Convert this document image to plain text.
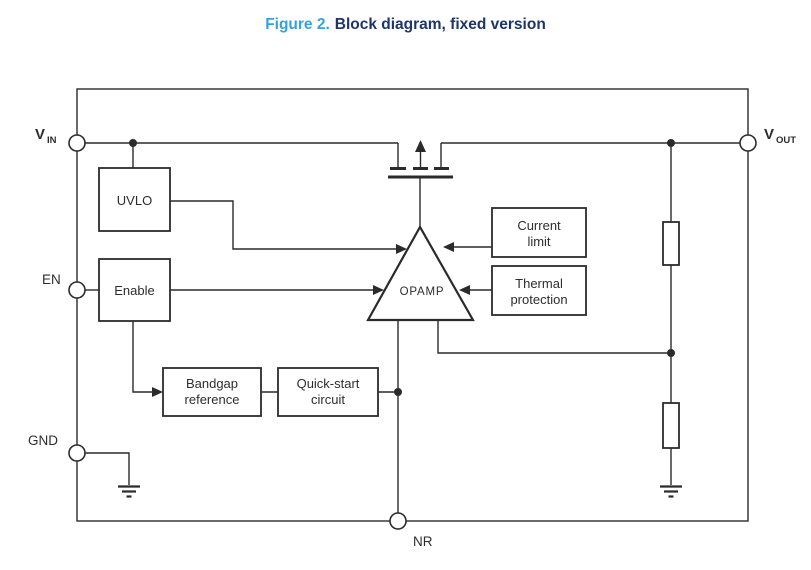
Figure 2. Block diagram, fixed version
UVLO
Enable
Bandgap
reference
Quick-start
circuit
Current
limit
Thermal
protection
OPAMP
V IN	V OUT
EN
GND
NR
